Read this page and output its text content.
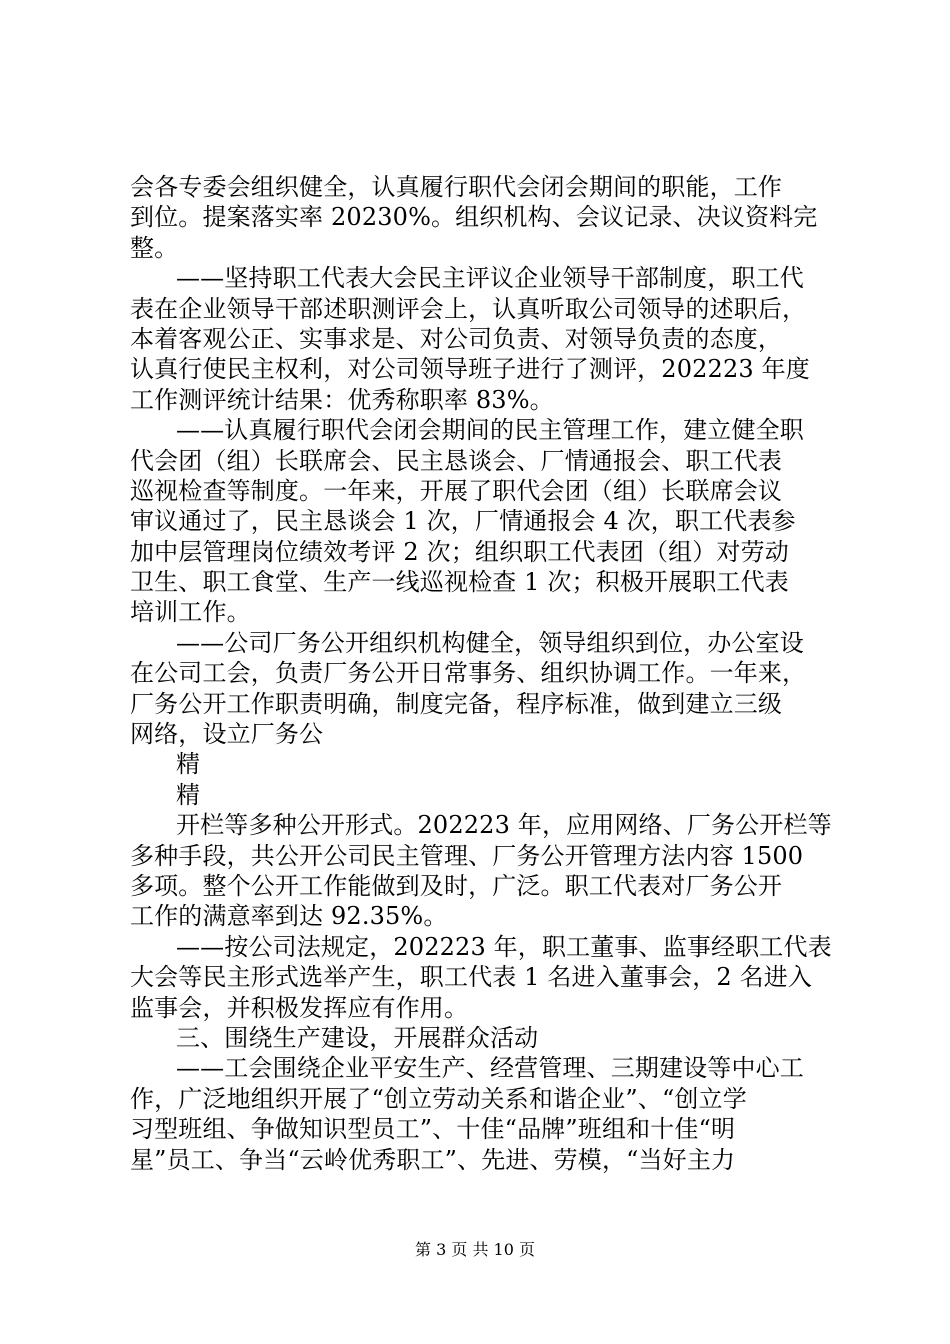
会各专委会组织健全，认真履行职代会闭会期间的职能，工作
到位。提案落实率 20230%。组织机构、会议记录、决议资料完
整。
——坚持职工代表大会民主评议企业领导干部制度，职工代
表在企业领导干部述职测评会上，认真听取公司领导的述职后，
本着客观公正、实事求是、对公司负责、对领导负责的态度，
认真行使民主权利，对公司领导班子进行了测评，202223 年度
工作测评统计结果：优秀称职率 83%。
——认真履行职代会闭会期间的民主管理工作，建立健全职
代会团（组）长联席会、民主恳谈会、厂情通报会、职工代表
巡视检查等制度。一年来，开展了职代会团（组）长联席会议
审议通过了，民主恳谈会 1 次，厂情通报会 4 次，职工代表参
加中层管理岗位绩效考评 2 次；组织职工代表团（组）对劳动
卫生、职工食堂、生产一线巡视检查 1 次；积极开展职工代表
培训工作。
——公司厂务公开组织机构健全，领导组织到位，办公室设
在公司工会，负责厂务公开日常事务、组织协调工作。一年来，
厂务公开工作职责明确，制度完备，程序标准，做到建立三级
网络，设立厂务公
精
精
开栏等多种公开形式。202223 年，应用网络、厂务公开栏等
多种手段，共公开公司民主管理、厂务公开管理方法内容 1500
多项。整个公开工作能做到及时，广泛。职工代表对厂务公开
工作的满意率到达 92.35%。
——按公司法规定，202223 年，职工董事、监事经职工代表
大会等民主形式选举产生，职工代表 1 名进入董事会，2 名进入
监事会，并积极发挥应有作用。
三、围绕生产建设，开展群众活动
——工会围绕企业平安生产、经营管理、三期建设等中心工
作，广泛地组织开展了“创立劳动关系和谐企业”、“创立学
习型班组、争做知识型员工”、十佳“品牌”班组和十佳“明
星”员工、争当“云岭优秀职工”、先进、劳模，“当好主力
第 3 页 共 10 页
